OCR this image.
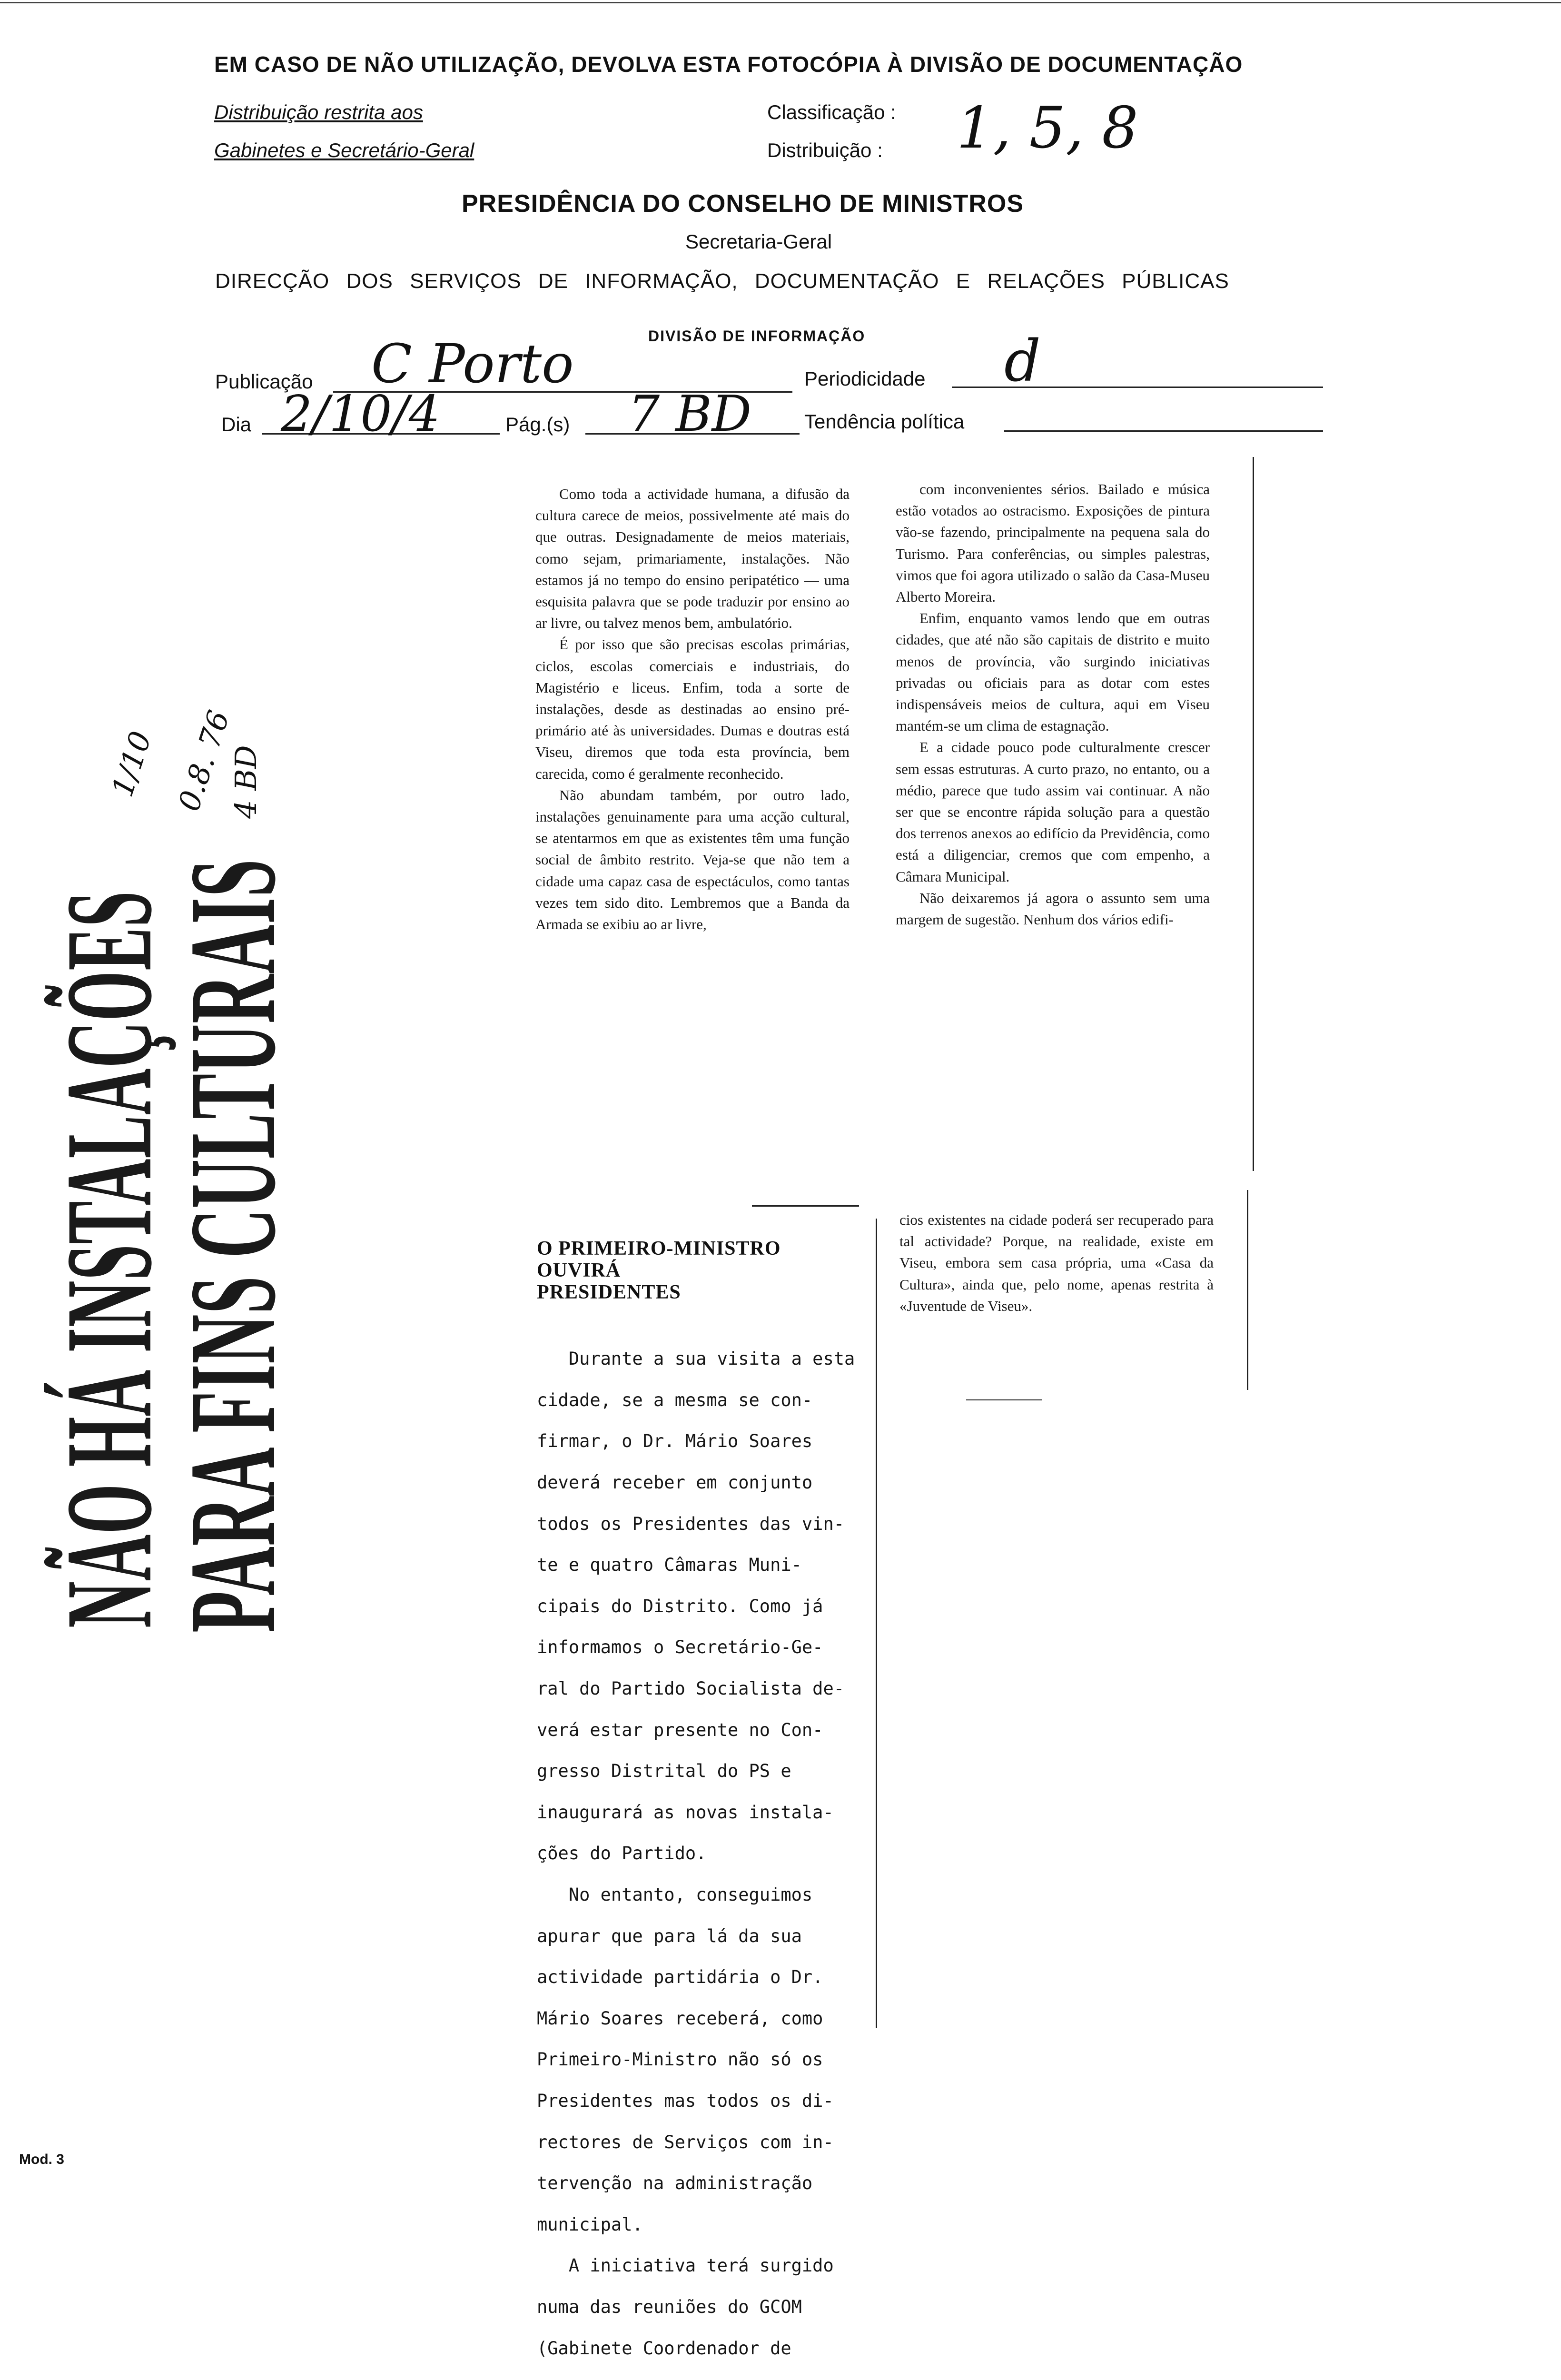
EM CASO DE NÃO UTILIZAÇÃO, DEVOLVA ESTA FOTOCÓPIA À DIVISÃO DE DOCUMENTAÇÃO
Distribuição restrita aos
Gabinetes e Secretário-Geral
Classificação :
Distribuição : 1, 5, 8
PRESIDÊNCIA DO CONSELHO DE MINISTROS
Secretaria-Geral
DIRECÇÃO DOS SERVIÇOS DE INFORMAÇÃO, DOCUMENTAÇÃO E RELAÇÕES PÚBLICAS
DIVISÃO DE INFORMAÇÃO
Publicação C Porto	Periodicidade d
Dia 2/10/4	Pág.(s) 7 BD	Tendência política
1/10 0.8. 76
4 BD
NÃO HÁ INSTALAÇÕES
PARA FINS CULTURAIS

Como toda a actividade humana, a difusão da cultura carece de meios, possivelmente até mais do que outras. Designadamente de meios materiais, como sejam, primariamente, instalações. Não estamos já no tempo do ensino peripatético — uma esquisita palavra que se pode traduzir por ensino ao ar livre, ou talvez menos bem, ambulatório.

É por isso que são precisas escolas primárias, ciclos, escolas comerciais e industriais, do Magistério e liceus. Enfim, toda a sorte de instalações, desde as destinadas ao ensino pré-primário até às universidades. Dumas e doutras está Viseu, diremos que toda esta província, bem carecida, como é geralmente reconhecido.

Não abundam também, por outro lado, instalações genuinamente para uma acção cultural, se atentarmos em que as existentes têm uma função social de âmbito restrito. Veja-se que não tem a cidade uma capaz casa de espectáculos, como tantas vezes tem sido dito. Lembremos que a Banda da Armada se exibiu ao ar livre,

com inconvenientes sérios. Bailado e música estão votados ao ostracismo. Exposições de pintura vão-se fazendo, principalmente na pequena sala do Turismo. Para conferências, ou simples palestras, vimos que foi agora utilizado o salão da Casa-Museu Alberto Moreira.

Enfim, enquanto vamos lendo que em outras cidades, que até não são capitais de distrito e muito menos de província, vão surgindo iniciativas privadas ou oficiais para as dotar com estes indispensáveis meios de cultura, aqui em Viseu mantém-se um clima de estagnação.

E a cidade pouco pode culturalmente crescer sem essas estruturas. A curto prazo, no entanto, ou a médio, parece que tudo assim vai continuar. A não ser que se encontre rápida solução para a questão dos terrenos anexos ao edifício da Previdência, como está a diligenciar, cremos que com empenho, a Câmara Municipal.

Não deixaremos já agora o assunto sem uma margem de sugestão. Nenhum dos vários edifi-

cios existentes na cidade poderá ser recuperado para tal actividade? Porque, na realidade, existe em Viseu, embora sem casa própria, uma «Casa da Cultura», ainda que, pelo nome, apenas restrita à «Juventude de Viseu».

O PRIMEIRO-MINISTRO
OUVIRÁ
PRESIDENTES

Durante a sua visita a esta

cidade, se a mesma se con-

firmar, o Dr. Mário Soares

deverá receber em conjunto

todos os Presidentes das vin-

te e quatro Câmaras Muni-

cipais do Distrito. Como já

informamos o Secretário-Ge-

ral do Partido Socialista de-

verá estar presente no Con-

gresso Distrital do PS e

inaugurará as novas instala-

ções do Partido.

No entanto, conseguimos

apurar que para lá da sua

actividade partidária o Dr.

Mário Soares receberá, como

Primeiro-Ministro não só os

Presidentes mas todos os di-

rectores de Serviços com in-

tervenção na administração

municipal.

A iniciativa terá surgido

numa das reuniões do GCOM

(Gabinete Coordenador de

Mod. 3
